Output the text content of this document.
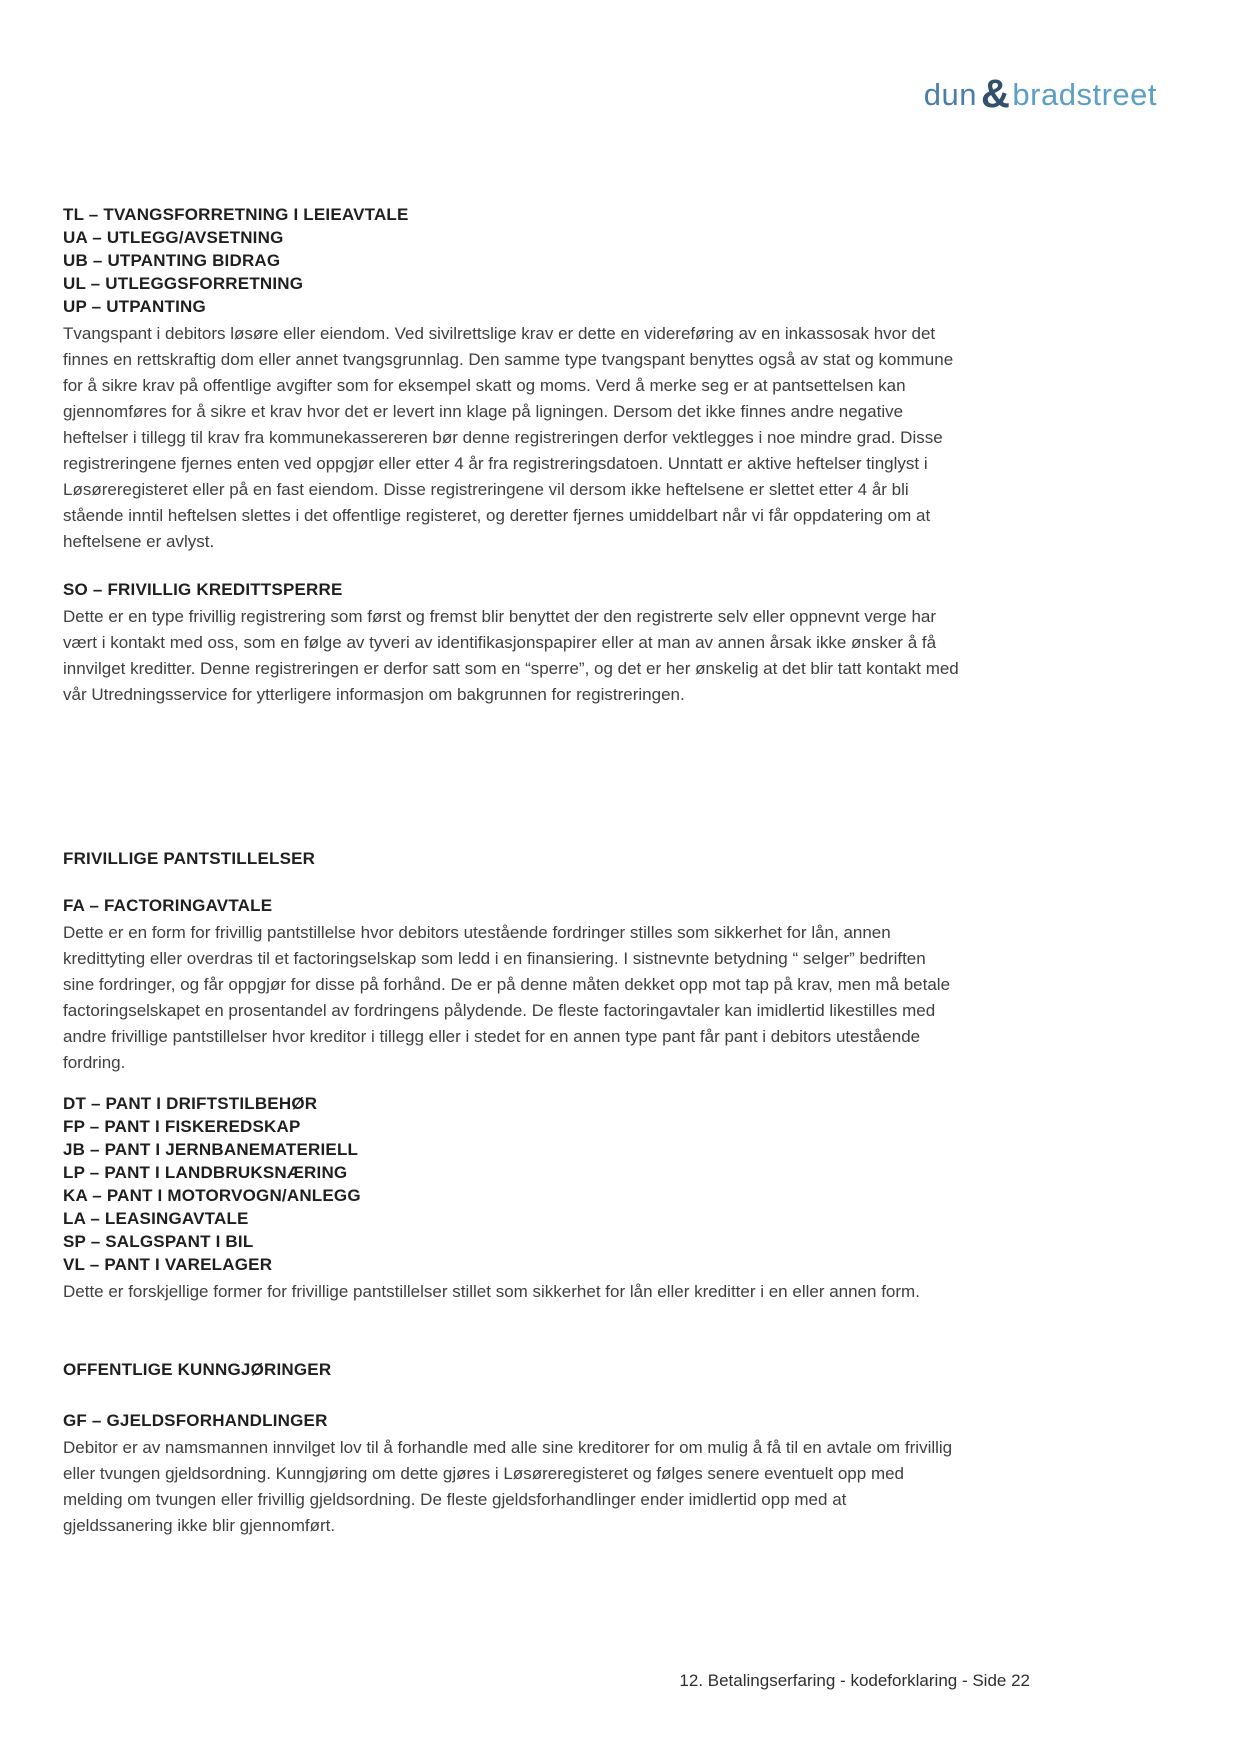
dun & bradstreet
TL – TVANGSFORRETNING I LEIEAVTALE
UA – UTLEGG/AVSETNING
UB – UTPANTING BIDRAG
UL – UTLEGGSFORRETNING
UP – UTPANTING

Tvangspant i debitors løsøre eller eiendom. Ved sivilrettslige krav er dette en videreføring av en inkassosak hvor det finnes en rettskraftig dom eller annet tvangsgrunnlag. Den samme type tvangspant benyttes også av stat og kommune for å sikre krav på offentlige avgifter som for eksempel skatt og moms. Verd å merke seg er at pantsettelsen kan gjennomføres for å sikre et krav hvor det er levert inn klage på ligningen. Dersom det ikke finnes andre negative heftelser i tillegg til krav fra kommunekassereren bør denne registreringen derfor vektlegges i noe mindre grad. Disse registreringene fjernes enten ved oppgjør eller etter 4 år fra registreringsdatoen. Unntatt er aktive heftelser tinglyst i Løsøreregisteret eller på en fast eiendom. Disse registreringene vil dersom ikke heftelsene er slettet etter 4 år bli stående inntil heftelsen slettes i det offentlige registeret, og deretter fjernes umiddelbart når vi får oppdatering om at heftelsene er avlyst.

SO – FRIVILLIG KREDITTSPERRE

Dette er en type frivillig registrering som først og fremst blir benyttet der den registrerte selv eller oppnevnt verge har vært i kontakt med oss, som en følge av tyveri av identifikasjonspapirer eller at man av annen årsak ikke ønsker å få innvilget kreditter. Denne registreringen er derfor satt som en “sperre”, og det er her ønskelig at det blir tatt kontakt med vår Utredningsservice for ytterligere informasjon om bakgrunnen for registreringen.

FRIVILLIGE PANTSTILLELSER
FA – FACTORINGAVTALE

Dette er en form for frivillig pantstillelse hvor debitors utestående fordringer stilles som sikkerhet for lån, annen kredittyting eller overdras til et factoringselskap som ledd i en finansiering. I sistnevnte betydning “ selger” bedriften sine fordringer, og får oppgjør for disse på forhånd. De er på denne måten dekket opp mot tap på krav, men må betale factoringselskapet en prosentandel av fordringens pålydende. De fleste factoringavtaler kan imidlertid likestilles med andre frivillige pantstillelser hvor kreditor i tillegg eller i stedet for en annen type pant får pant i debitors utestående fordring.

DT – PANT I DRIFTSTILBEHØR
FP – PANT I FISKEREDSKAP
JB – PANT I JERNBANEMATERIELL
LP – PANT I LANDBRUKSNÆRING
KA – PANT I MOTORVOGN/ANLEGG
LA – LEASINGAVTALE
SP – SALGSPANT I BIL
VL – PANT I VARELAGER

Dette er forskjellige former for frivillige pantstillelser stillet som sikkerhet for lån eller kreditter i en eller annen form.

OFFENTLIGE KUNNGJØRINGER
GF – GJELDSFORHANDLINGER

Debitor er av namsmannen innvilget lov til å forhandle med alle sine kreditorer for om mulig å få til en avtale om frivillig eller tvungen gjeldsordning. Kunngjøring om dette gjøres i Løsøreregisteret og følges senere eventuelt opp med melding om tvungen eller frivillig gjeldsordning. De fleste gjeldsforhandlinger ender imidlertid opp med at gjeldssanering ikke blir gjennomført.

12. Betalingserfaring - kodeforklaring - Side 22
